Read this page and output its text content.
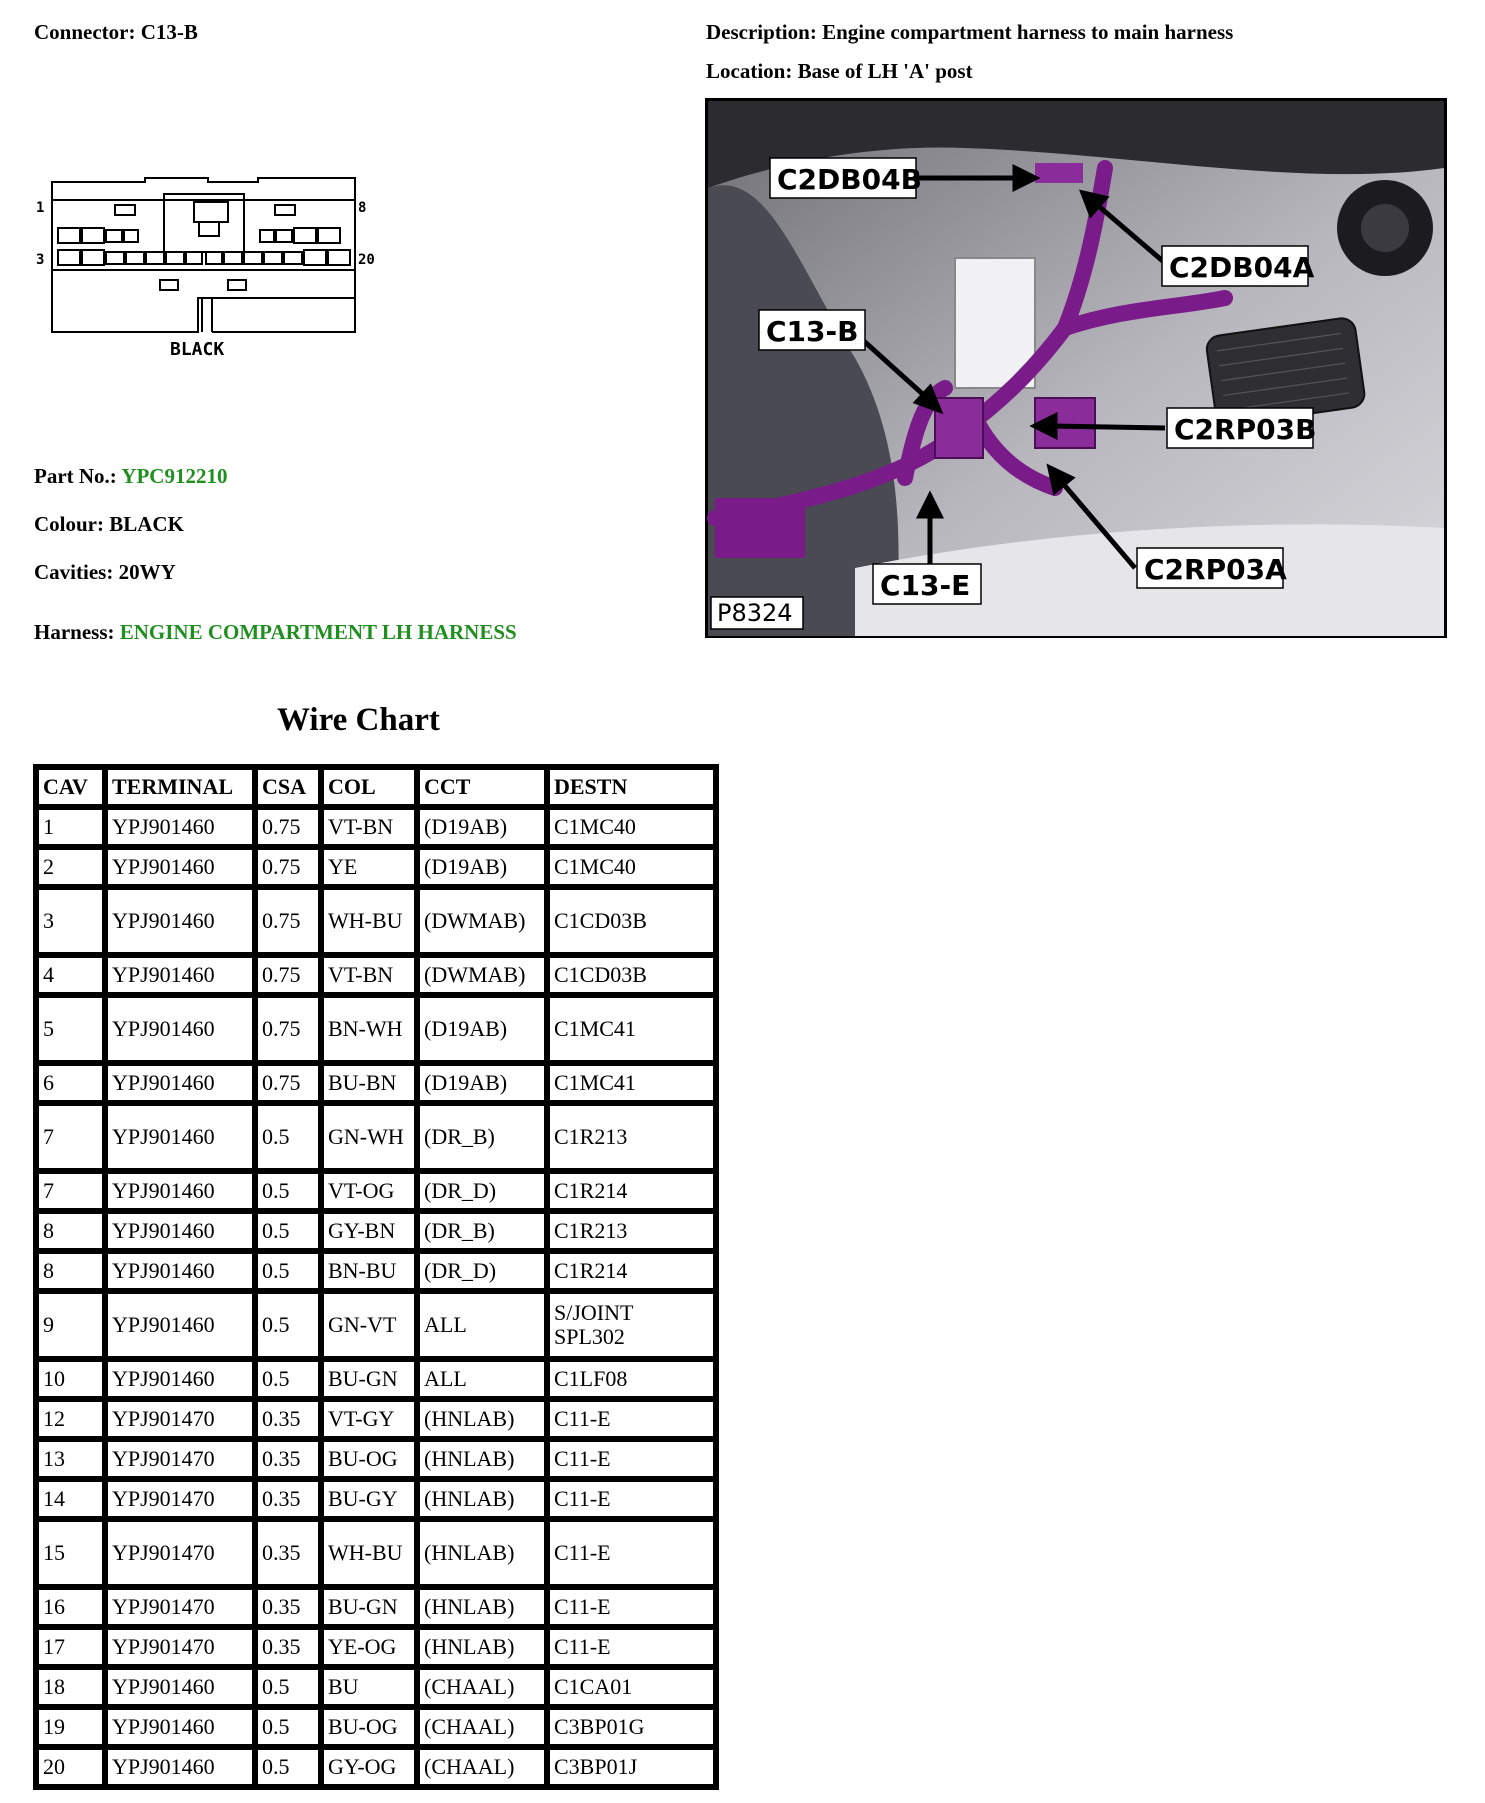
Connector: C13-B	Description: Engine compartment harness to main harness
Location: Base of LH 'A' post
1	8
3	20
BLACK
Part No.: YPC912210
Colour: BLACK
Cavities: 20WY
Harness: ENGINE COMPARTMENT LH HARNESS
C2DB04B
C2DB04A
C13-B
C2RP03B
C2RP03A
C13-E
P8324
Wire Chart
CAV	TERMINAL	CSA	COL	CCT	DESTN
1	YPJ901460	0.75	VT-BN	(D19AB)	C1MC40
2	YPJ901460	0.75	YE	(D19AB)	C1MC40
3	YPJ901460	0.75	WH-BU	(DWMAB)	C1CD03B
4	YPJ901460	0.75	VT-BN	(DWMAB)	C1CD03B
5	YPJ901460	0.75	BN-WH	(D19AB)	C1MC41
6	YPJ901460	0.75	BU-BN	(D19AB)	C1MC41
7	YPJ901460	0.5	GN-WH	(DR_B)	C1R213
7	YPJ901460	0.5	VT-OG	(DR_D)	C1R214
8	YPJ901460	0.5	GY-BN	(DR_B)	C1R213
8	YPJ901460	0.5	BN-BU	(DR_D)	C1R214
9	YPJ901460	0.5	GN-VT	ALL	S/JOINT SPL302
10	YPJ901460	0.5	BU-GN	ALL	C1LF08
12	YPJ901470	0.35	VT-GY	(HNLAB)	C11-E
13	YPJ901470	0.35	BU-OG	(HNLAB)	C11-E
14	YPJ901470	0.35	BU-GY	(HNLAB)	C11-E
15	YPJ901470	0.35	WH-BU	(HNLAB)	C11-E
16	YPJ901470	0.35	BU-GN	(HNLAB)	C11-E
17	YPJ901470	0.35	YE-OG	(HNLAB)	C11-E
18	YPJ901460	0.5	BU	(CHAAL)	C1CA01
19	YPJ901460	0.5	BU-OG	(CHAAL)	C3BP01G
20	YPJ901460	0.5	GY-OG	(CHAAL)	C3BP01J
